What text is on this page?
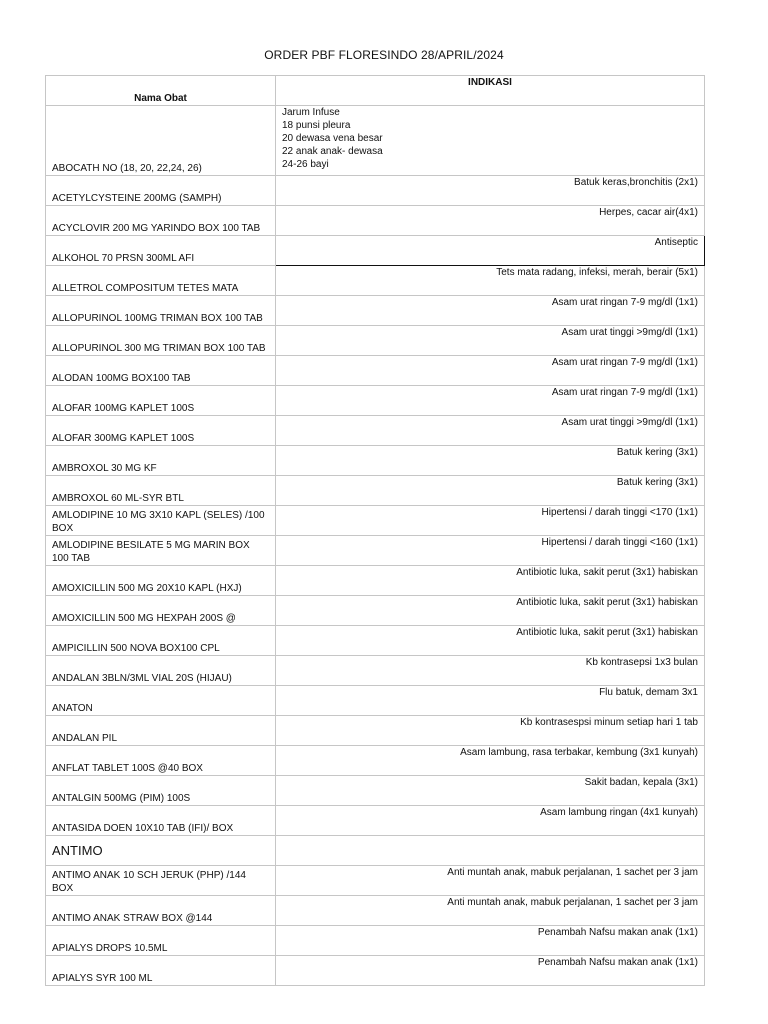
ORDER PBF FLORESINDO 28/APRIL/2024
Nama Obat	INDIKASI
ABOCATH NO (18, 20, 22,24, 26)	Jarum Infuse
18 punsi pleura
20 dewasa vena besar
22 anak anak- dewasa
24-26 bayi

ACETYLCYSTEINE 200MG (SAMPH)	Batuk keras,bronchitis (2x1)
ACYCLOVIR 200 MG YARINDO BOX 100 TAB	Herpes, cacar air(4x1)
ALKOHOL 70 PRSN 300ML AFI	Antiseptic
ALLETROL COMPOSITUM TETES MATA	Tets mata radang, infeksi, merah, berair (5x1)
ALLOPURINOL 100MG TRIMAN BOX 100 TAB	Asam urat ringan 7-9 mg/dl (1x1)
ALLOPURINOL 300 MG TRIMAN BOX 100 TAB	Asam urat tinggi >9mg/dl (1x1)
ALODAN 100MG BOX100 TAB	Asam urat ringan 7-9 mg/dl (1x1)
ALOFAR 100MG KAPLET 100S	Asam urat ringan 7-9 mg/dl (1x1)
ALOFAR 300MG KAPLET 100S	Asam urat tinggi >9mg/dl (1x1)
AMBROXOL 30 MG KF	Batuk kering (3x1)
AMBROXOL 60 ML-SYR BTL	Batuk kering (3x1)
AMLODIPINE 10 MG 3X10 KAPL (SELES) /100 BOX	Hipertensi / darah tinggi <170 (1x1)
AMLODIPINE BESILATE 5 MG MARIN BOX 100 TAB	Hipertensi / darah tinggi <160 (1x1)
AMOXICILLIN 500 MG 20X10 KAPL (HXJ)	Antibiotic luka, sakit perut (3x1) habiskan
AMOXICILLIN 500 MG HEXPAH 200S @	Antibiotic luka, sakit perut (3x1) habiskan
AMPICILLIN 500 NOVA BOX100 CPL	Antibiotic luka, sakit perut (3x1) habiskan
ANDALAN 3BLN/3ML VIAL 20S (HIJAU)	Kb kontrasepsi 1x3 bulan
ANATON	Flu batuk, demam 3x1
ANDALAN PIL	Kb kontrasespsi minum setiap hari 1 tab
ANFLAT TABLET 100S @40 BOX	Asam lambung, rasa terbakar, kembung (3x1 kunyah)
ANTALGIN 500MG (PIM) 100S	Sakit badan, kepala (3x1)
ANTASIDA DOEN 10X10 TAB (IFI)/ BOX	Asam lambung ringan (4x1 kunyah)
ANTIMO	
ANTIMO ANAK 10 SCH JERUK (PHP) /144 BOX	Anti muntah anak, mabuk perjalanan, 1 sachet per 3 jam
ANTIMO ANAK STRAW BOX @144	Anti muntah anak, mabuk perjalanan, 1 sachet per 3 jam
APIALYS DROPS 10.5ML	Penambah Nafsu makan anak (1x1)
APIALYS SYR 100 ML	Penambah Nafsu makan anak (1x1)
